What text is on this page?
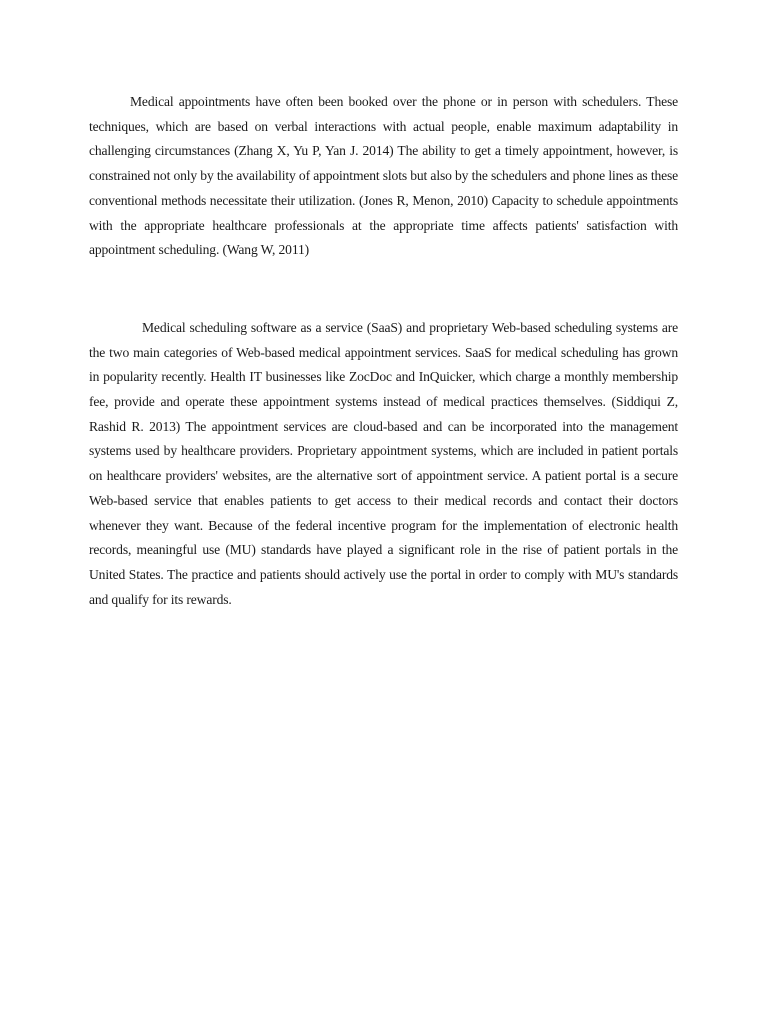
Medical appointments have often been booked over the phone or in person with schedulers. These techniques, which are based on verbal interactions with actual people, enable maximum adaptability in challenging circumstances (Zhang X, Yu P, Yan J. 2014) The ability to get a timely appointment, however, is constrained not only by the availability of appointment slots but also by the schedulers and phone lines as these conventional methods necessitate their utilization. (Jones R, Menon, 2010) Capacity to schedule appointments with the appropriate healthcare professionals at the appropriate time affects patients' satisfaction with appointment scheduling. (Wang W, 2011)

Medical scheduling software as a service (SaaS) and proprietary Web-based scheduling systems are the two main categories of Web-based medical appointment services. SaaS for medical scheduling has grown in popularity recently. Health IT businesses like ZocDoc and InQuicker, which charge a monthly membership fee, provide and operate these appointment systems instead of medical practices themselves. (Siddiqui Z, Rashid R. 2013) The appointment services are cloud-based and can be incorporated into the management systems used by healthcare providers. Proprietary appointment systems, which are included in patient portals on healthcare providers' websites, are the alternative sort of appointment service. A patient portal is a secure Web-based service that enables patients to get access to their medical records and contact their doctors whenever they want. Because of the federal incentive program for the implementation of electronic health records, meaningful use (MU) standards have played a significant role in the rise of patient portals in the United States. The practice and patients should actively use the portal in order to comply with MU's standards and qualify for its rewards.
